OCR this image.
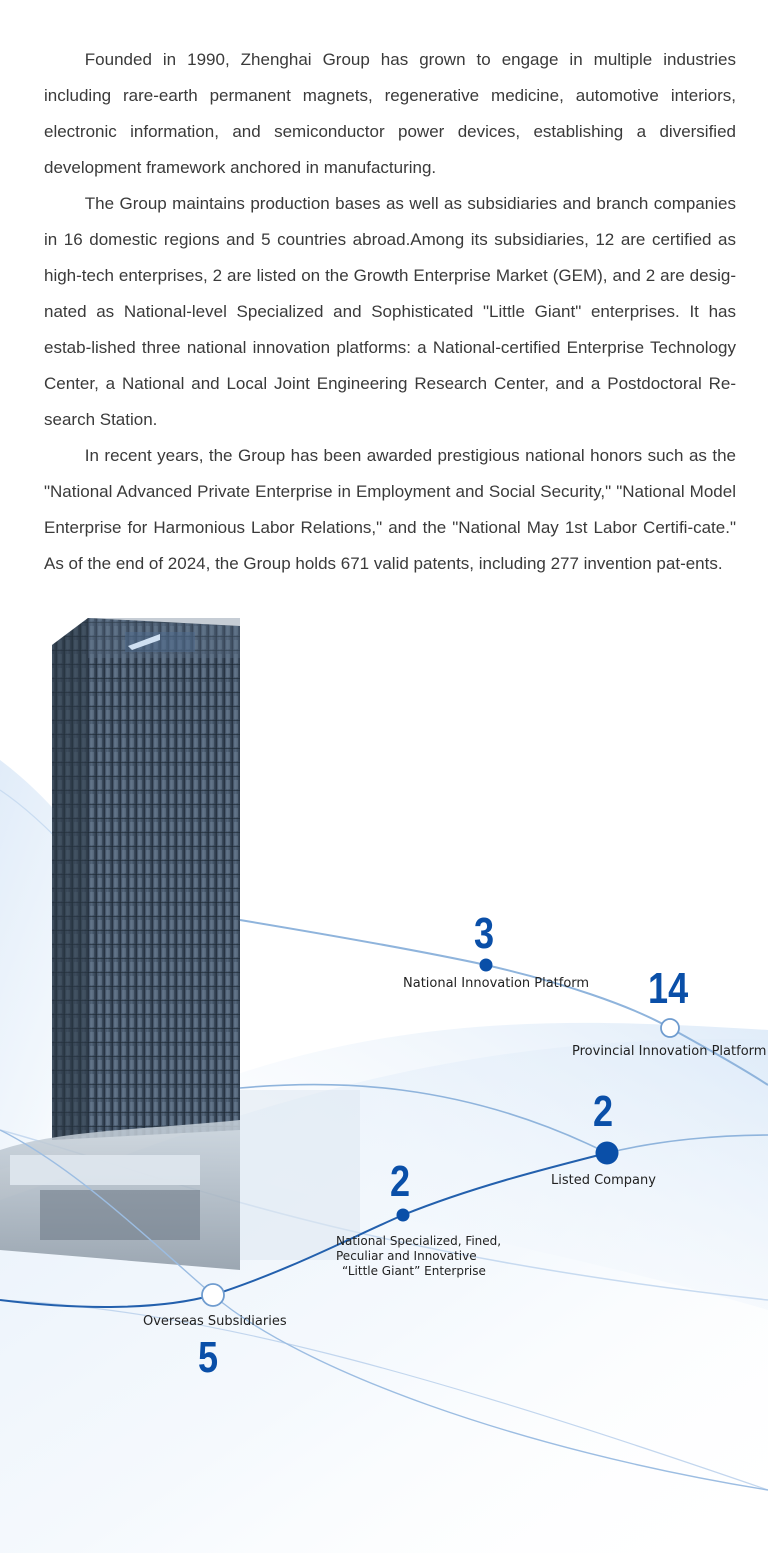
Founded in 1990, Zhenghai Group has grown to engage in multiple industries including rare-earth permanent magnets, regenerative medicine, automotive interiors, electronic information, and semiconductor power devices, establishing a diversified development framework anchored in manufacturing.

The Group maintains production bases as well as subsidiaries and branch companies in 16 domestic regions and 5 countries abroad.Among its subsidiaries, 12 are certified as high-tech enterprises, 2 are listed on the Growth Enterprise Market (GEM), and 2 are desig-nated as National-level Specialized and Sophisticated "Little Giant" enterprises. It has estab-lished three national innovation platforms: a National-certified Enterprise Technology Center, a National and Local Joint Engineering Research Center, and a Postdoctoral Re-search Station.

In recent years, the Group has been awarded prestigious national honors such as the "National Advanced Private Enterprise in Employment and Social Security," "National Model Enterprise for Harmonious Labor Relations," and the "National May 1st Labor Certifi-cate." As of the end of 2024, the Group holds 671 valid patents, including 277 invention pat-ents.

3
National Innovation Platform 14
Provincial Innovation Platform
2
Listed Company
2
National Specialized, Fined,
Peculiar and Innovative
“Little Giant” Enterprise
Overseas Subsidiaries
5
